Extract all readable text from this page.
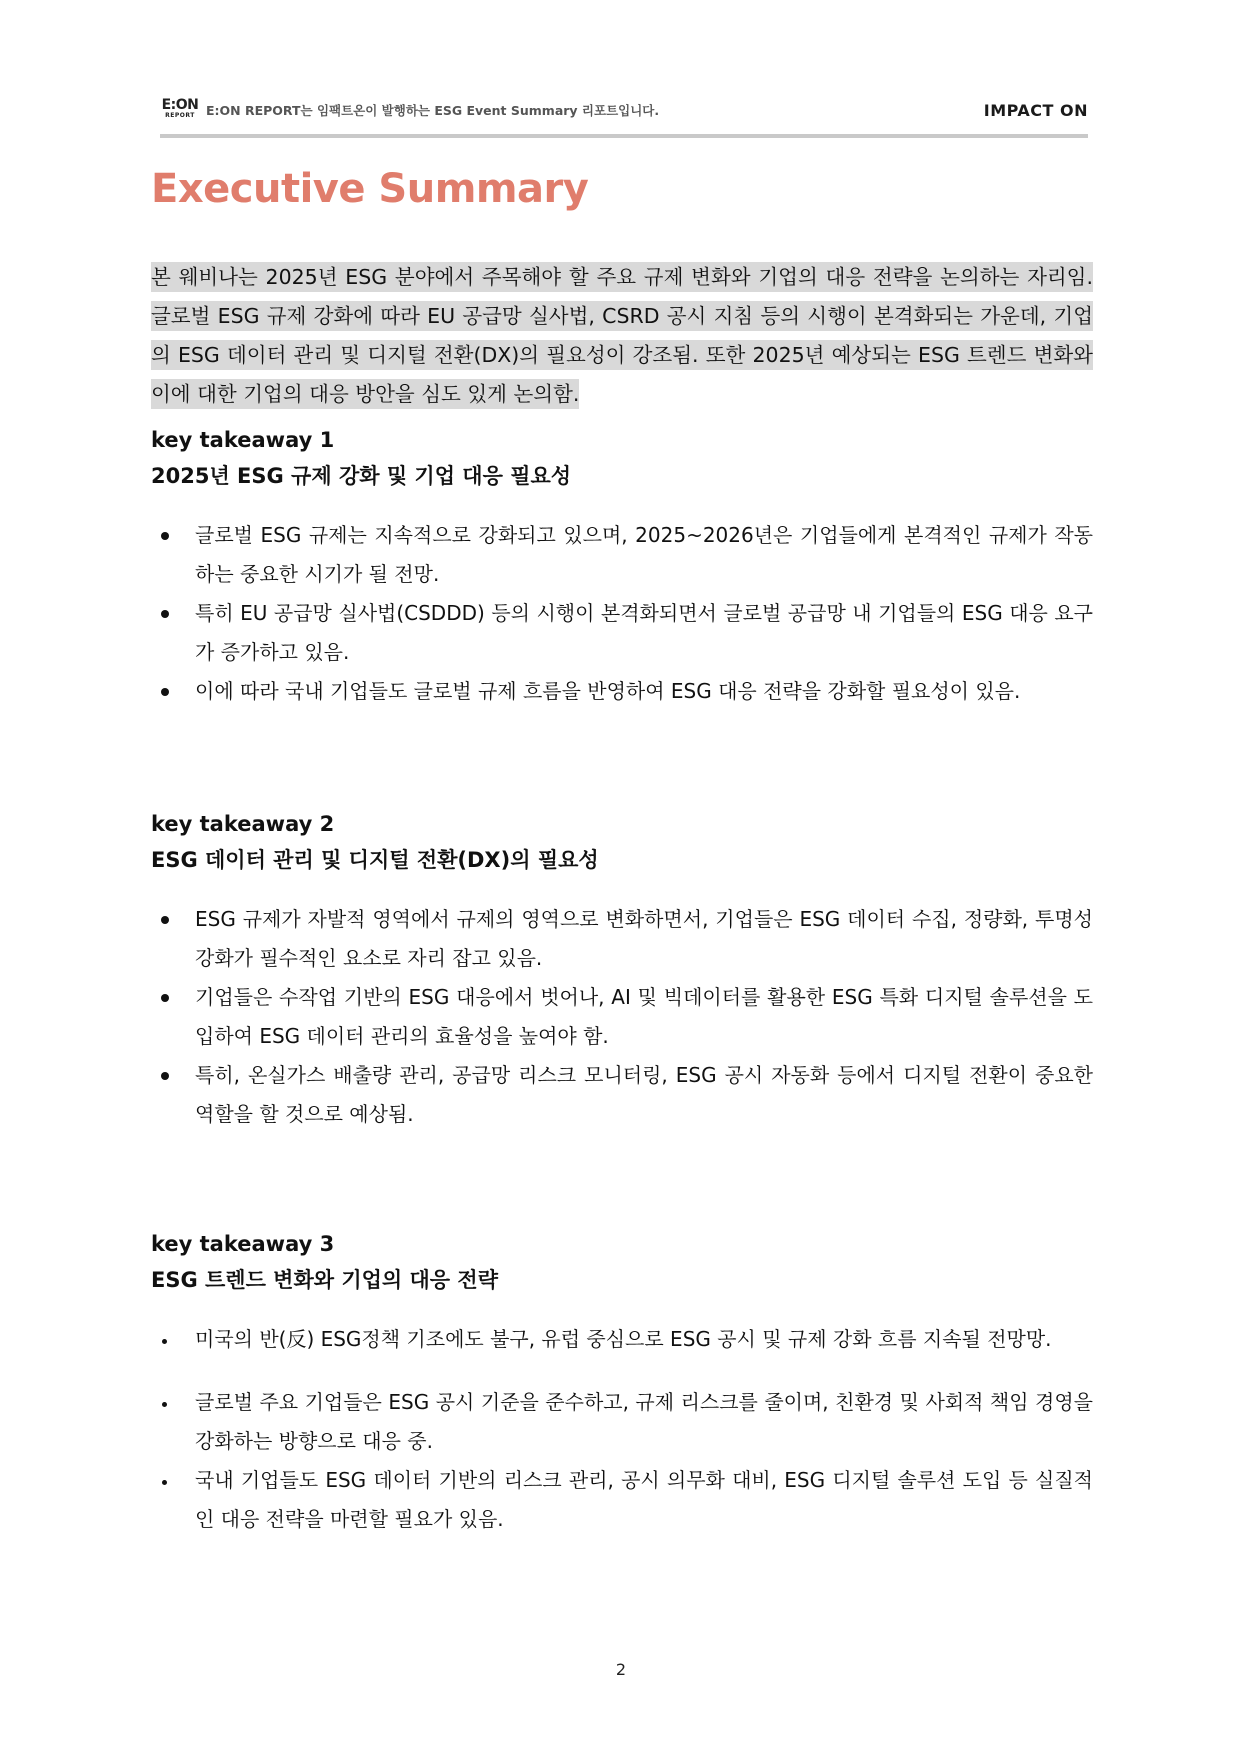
E:ON
REPORT E:ON REPORT는 임팩트온이 발행하는 ESG Event Summary 리포트입니다.	IMPACT ON
Executive Summary

본 웨비나는 2025년 ESG 분야에서 주목해야 할 주요 규제 변화와 기업의 대응 전략을 논의하는 자리임. 글로벌 ESG 규제 강화에 따라 EU 공급망 실사법, CSRD 공시 지침 등의 시행이 본격화되는 가운데, 기업의 ESG 데이터 관리 및 디지털 전환(DX)의 필요성이 강조됨. 또한 2025년 예상되는 ESG 트렌드 변화와 이에 대한 기업의 대응 방안을 심도 있게 논의함.

key takeaway 1

2025년 ESG 규제 강화 및 기업 대응 필요성

글로벌 ESG 규제는 지속적으로 강화되고 있으며, 2025~2026년은 기업들에게 본격적인 규제가 작동하는 중요한 시기가 될 전망.
특히 EU 공급망 실사법(CSDDD) 등의 시행이 본격화되면서 글로벌 공급망 내 기업들의 ESG 대응 요구가 증가하고 있음.
이에 따라 국내 기업들도 글로벌 규제 흐름을 반영하여 ESG 대응 전략을 강화할 필요성이 있음.

key takeaway 2

ESG 데이터 관리 및 디지털 전환(DX)의 필요성

ESG 규제가 자발적 영역에서 규제의 영역으로 변화하면서, 기업들은 ESG 데이터 수집, 정량화, 투명성 강화가 필수적인 요소로 자리 잡고 있음.
기업들은 수작업 기반의 ESG 대응에서 벗어나, AI 및 빅데이터를 활용한 ESG 특화 디지털 솔루션을 도입하여 ESG 데이터 관리의 효율성을 높여야 함.
특히, 온실가스 배출량 관리, 공급망 리스크 모니터링, ESG 공시 자동화 등에서 디지털 전환이 중요한 역할을 할 것으로 예상됨.

key takeaway 3

ESG 트렌드 변화와 기업의 대응 전략

미국의 반(反) ESG정책 기조에도 불구, 유럽 중심으로 ESG 공시 및 규제 강화 흐름 지속될 전망망.
글로벌 주요 기업들은 ESG 공시 기준을 준수하고, 규제 리스크를 줄이며, 친환경 및 사회적 책임 경영을 강화하는 방향으로 대응 중.
국내 기업들도 ESG 데이터 기반의 리스크 관리, 공시 의무화 대비, ESG 디지털 솔루션 도입 등 실질적인 대응 전략을 마련할 필요가 있음.
2
